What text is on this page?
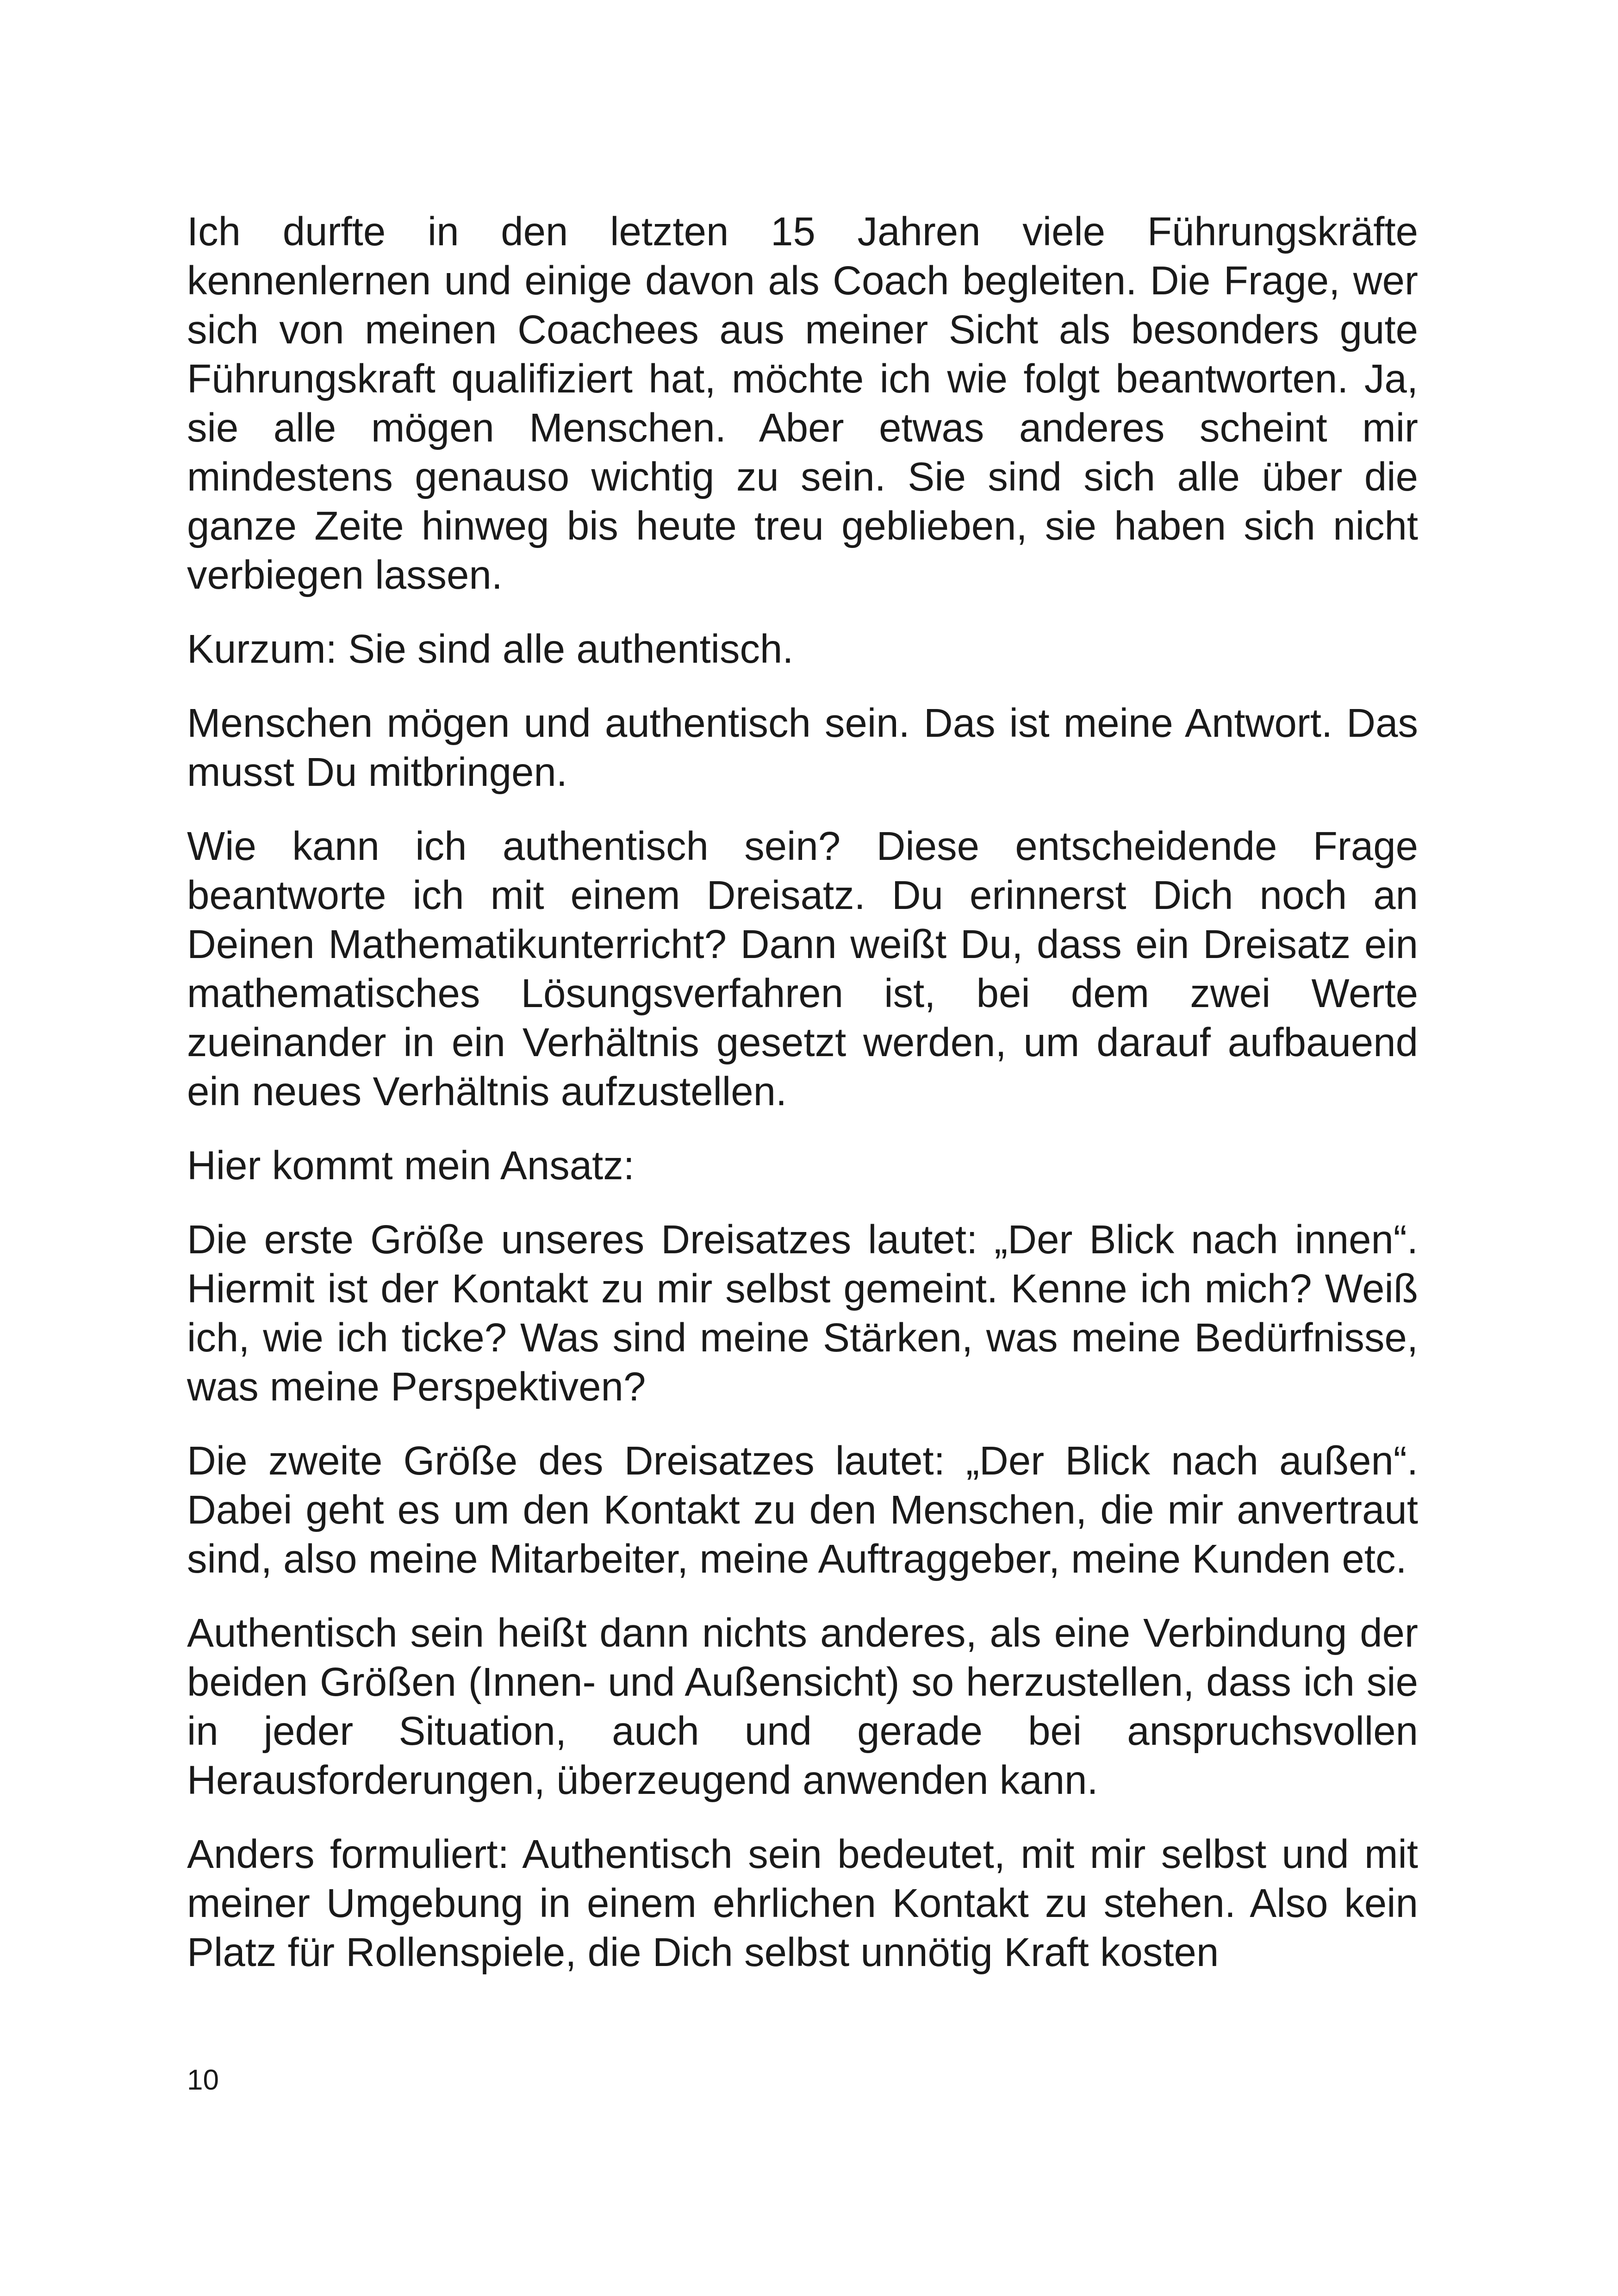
Ich durfte in den letzten 15 Jahren viele Führungskräfte kennenlernen und einige davon als Coach begleiten. Die Frage, wer sich von meinen Coachees aus meiner Sicht als besonders gute Führungskraft qualifiziert hat, möchte ich wie folgt beantworten. Ja, sie alle mögen Menschen. Aber etwas anderes scheint mir mindestens genauso wichtig zu sein. Sie sind sich alle über die ganze Zeite hinweg bis heute treu geblieben, sie haben sich nicht verbiegen lassen.

Kurzum: Sie sind alle authentisch.

Menschen mögen und authentisch sein. Das ist meine Antwort. Das musst Du mitbringen.

Wie kann ich authentisch sein? Diese entscheidende Frage beantworte ich mit einem Dreisatz. Du erinnerst Dich noch an Deinen Mathematikunterricht? Dann weißt Du, dass ein Dreisatz ein mathematisches Lösungsverfahren ist, bei dem zwei Werte zueinander in ein Verhältnis gesetzt werden, um darauf aufbauend ein neues Verhältnis aufzustellen.

Hier kommt mein Ansatz:

Die erste Größe unseres Dreisatzes lautet: „Der Blick nach innen“. Hiermit ist der Kontakt zu mir selbst gemeint. Kenne ich mich? Weiß ich, wie ich ticke? Was sind meine Stärken, was meine Bedürfnisse, was meine Perspektiven?

Die zweite Größe des Dreisatzes lautet: „Der Blick nach außen“. Dabei geht es um den Kontakt zu den Menschen, die mir anvertraut sind, also meine Mitarbeiter, meine Auftraggeber, meine Kunden etc.

Authentisch sein heißt dann nichts anderes, als eine Verbindung der beiden Größen (Innen- und Außensicht) so herzustellen, dass ich sie in jeder Situation, auch und gerade bei anspruchsvollen Herausforderungen, überzeugend anwenden kann.

Anders formuliert: Authentisch sein bedeutet, mit mir selbst und mit meiner Umgebung in einem ehrlichen Kontakt zu stehen. Also kein Platz für Rollenspiele, die Dich selbst unnötig Kraft kosten

10
